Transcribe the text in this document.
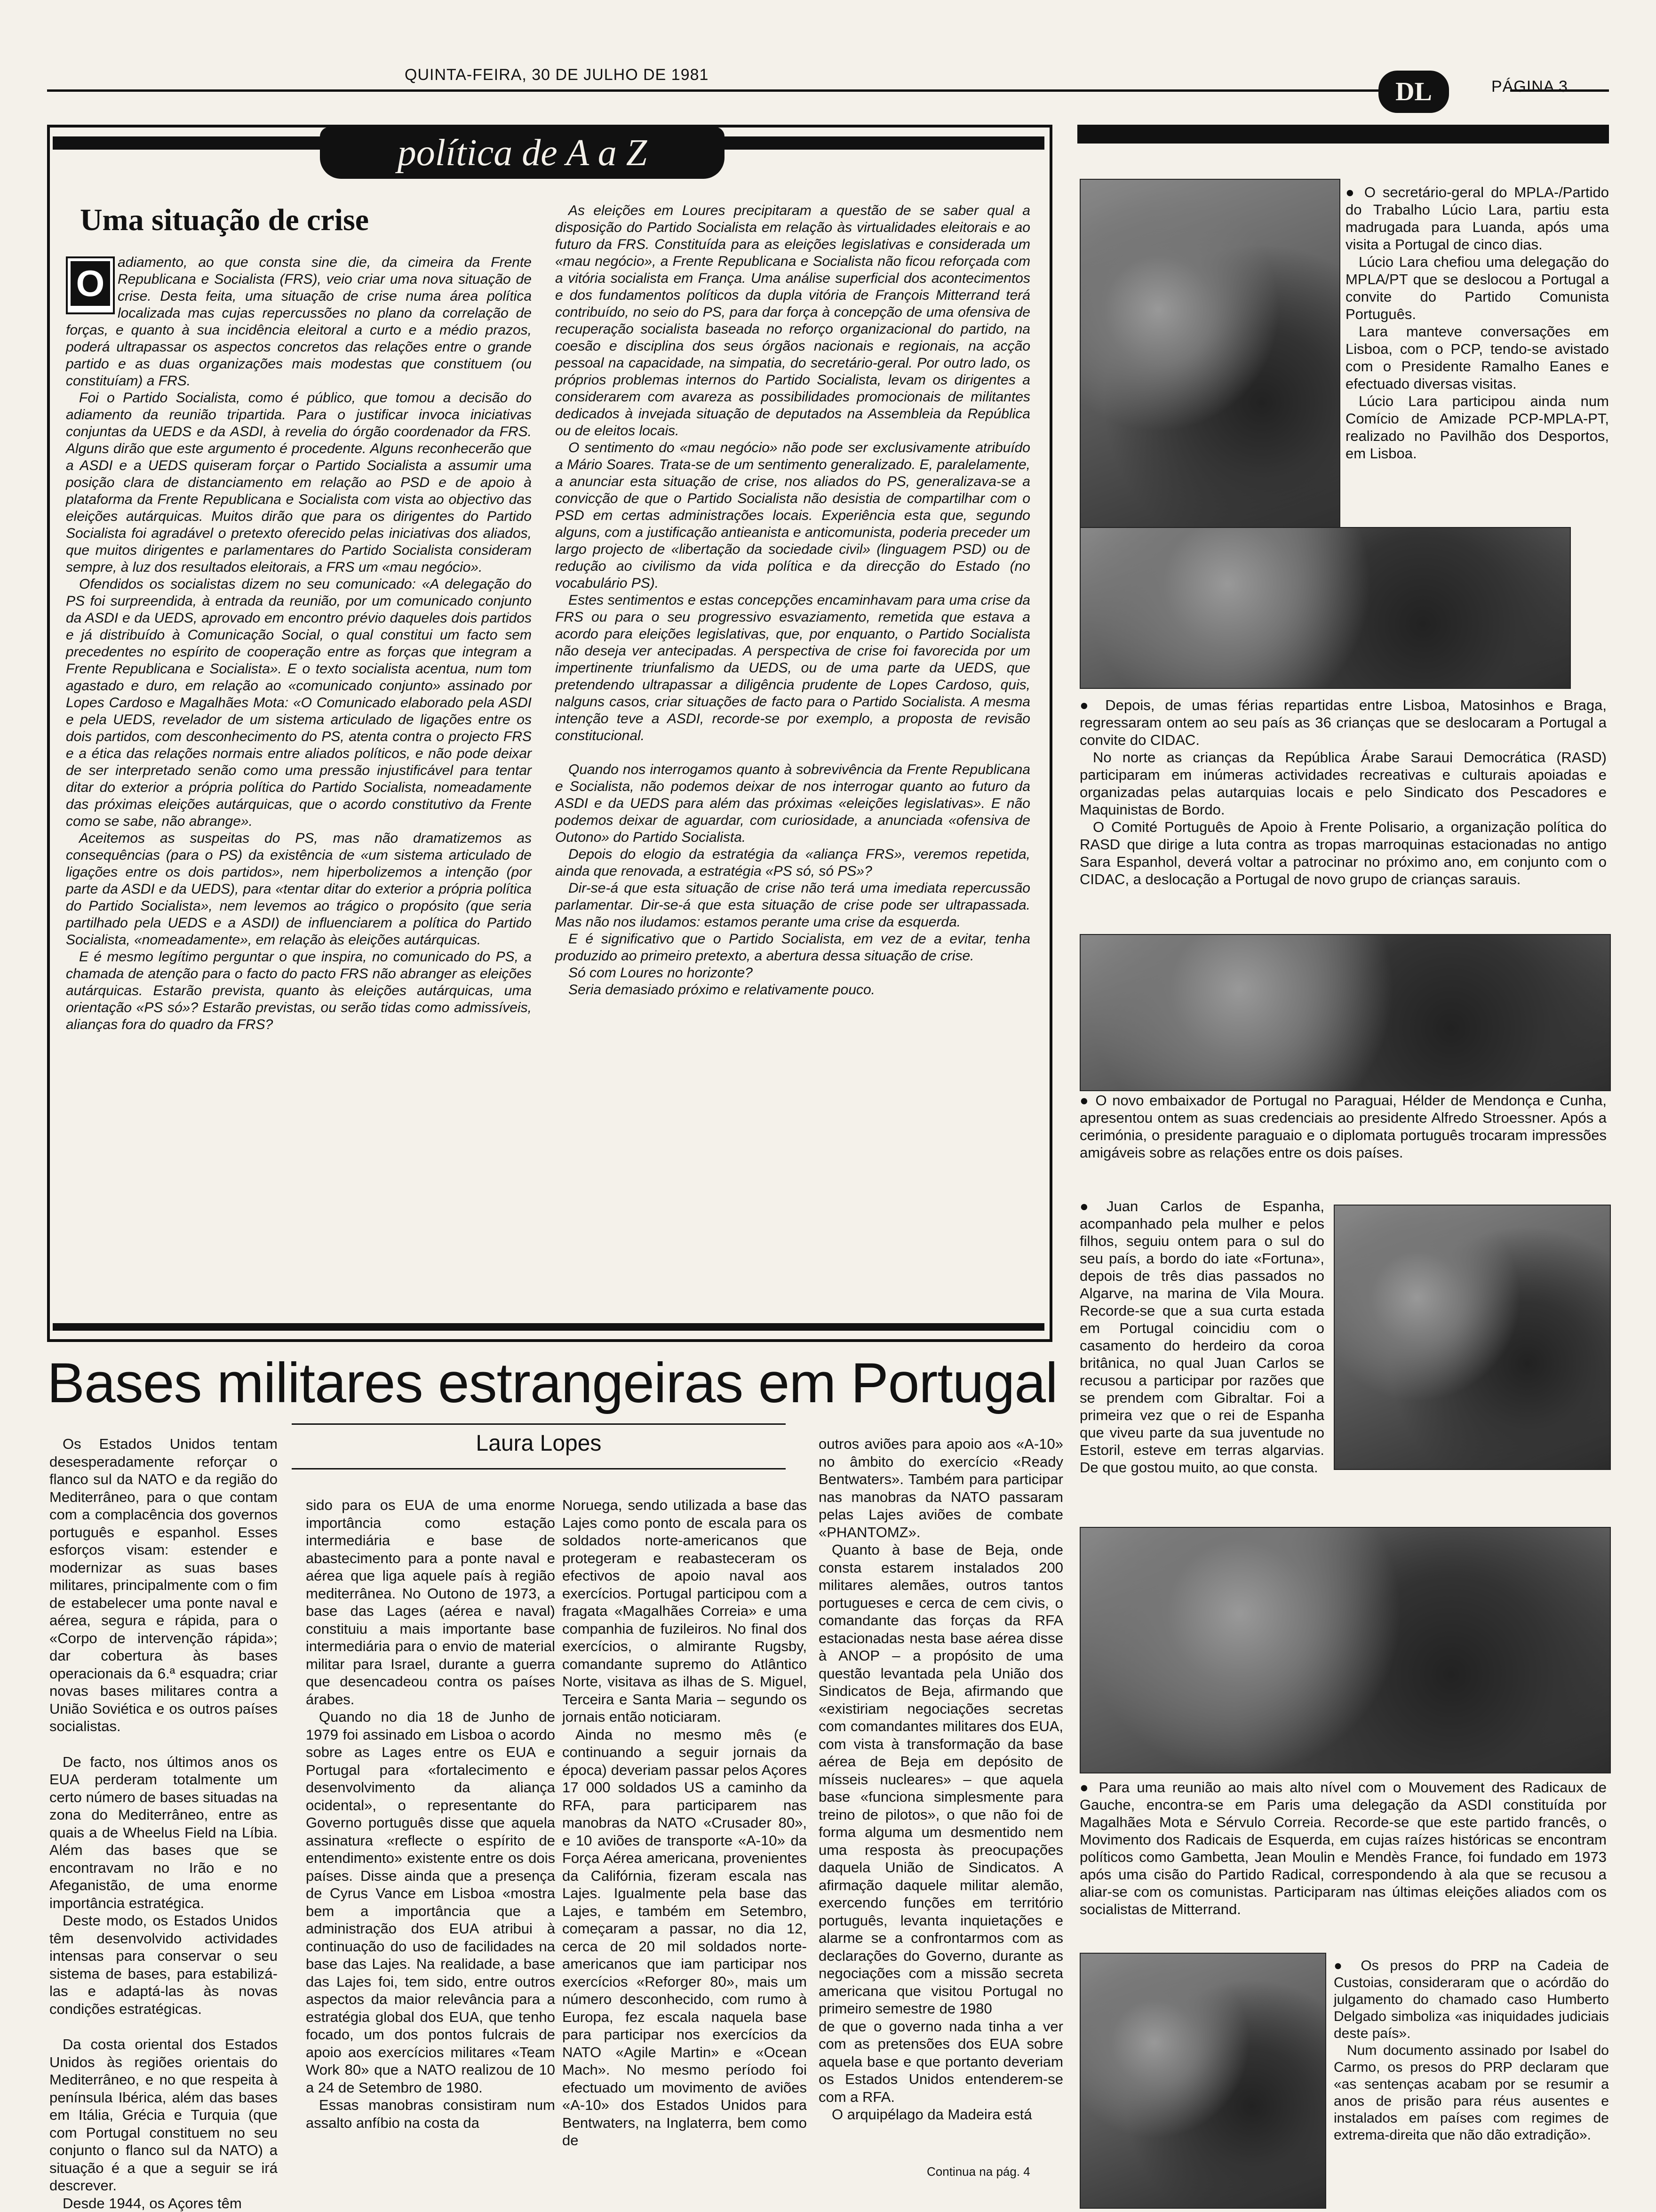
QUINTA-FEIRA, 30 DE JULHO DE 1981
DL	PÁGINA 3
política de A a Z
Uma situação de crise
O

adiamento, ao que consta sine die, da cimeira da Frente Republicana e Socialista (FRS), veio criar uma nova situação de crise. Desta feita, uma situação de crise numa área política localizada mas cujas repercussões no plano da correlação de forças, e quanto à sua incidência eleitoral a curto e a médio prazos, poderá ultrapassar os aspectos concretos das relações entre o grande partido e as duas organizações mais modestas que constituem (ou constituíam) a FRS.

Foi o Partido Socialista, como é público, que tomou a decisão do adiamento da reunião tripartida. Para o justificar invoca iniciativas conjuntas da UEDS e da ASDI, à revelia do órgão coordenador da FRS. Alguns dirão que este argumento é procedente. Alguns reconhecerão que a ASDI e a UEDS quiseram forçar o Partido Socialista a assumir uma posição clara de distanciamento em relação ao PSD e de apoio à plataforma da Frente Republicana e Socialista com vista ao objectivo das eleições autárquicas. Muitos dirão que para os dirigentes do Partido Socialista foi agradável o pretexto oferecido pelas iniciativas dos aliados, que muitos dirigentes e parlamentares do Partido Socialista consideram sempre, à luz dos resultados eleitorais, a FRS um «mau negócio».

Ofendidos os socialistas dizem no seu comunicado: «A delegação do PS foi surpreendida, à entrada da reunião, por um comunicado conjunto da ASDI e da UEDS, aprovado em encontro prévio daqueles dois partidos e já distribuído à Comunicação Social, o qual constitui um facto sem precedentes no espírito de cooperação entre as forças que integram a Frente Republicana e Socialista». E o texto socialista acentua, num tom agastado e duro, em relação ao «comunicado conjunto» assinado por Lopes Cardoso e Magalhães Mota: «O Comunicado elaborado pela ASDI e pela UEDS, revelador de um sistema articulado de ligações entre os dois partidos, com desconhecimento do PS, atenta contra o projecto FRS e a ética das relações normais entre aliados políticos, e não pode deixar de ser interpretado senão como uma pressão injustificável para tentar ditar do exterior a própria política do Partido Socialista, nomeadamente das próximas eleições autárquicas, que o acordo constitutivo da Frente como se sabe, não abrange».

Aceitemos as suspeitas do PS, mas não dramatizemos as consequências (para o PS) da existência de «um sistema articulado de ligações entre os dois partidos», nem hiperbolizemos a intenção (por parte da ASDI e da UEDS), para «tentar ditar do exterior a própria política do Partido Socialista», nem levemos ao trágico o propósito (que seria partilhado pela UEDS e a ASDI) de influenciarem a política do Partido Socialista, «nomeadamente», em relação às eleições autárquicas.

E é mesmo legítimo perguntar o que inspira, no comunicado do PS, a chamada de atenção para o facto do pacto FRS não abranger as eleições autárquicas. Estarão prevista, quanto às eleições autárquicas, uma orientação «PS só»? Estarão previstas, ou serão tidas como admissíveis, alianças fora do quadro da FRS?

As eleições em Loures precipitaram a questão de se saber qual a disposição do Partido Socialista em relação às virtualidades eleitorais e ao futuro da FRS. Constituída para as eleições legislativas e considerada um «mau negócio», a Frente Republicana e Socialista não ficou reforçada com a vitória socialista em França. Uma análise superficial dos acontecimentos e dos fundamentos políticos da dupla vitória de François Mitterrand terá contribuído, no seio do PS, para dar força à concepção de uma ofensiva de recuperação socialista baseada no reforço organizacional do partido, na coesão e disciplina dos seus órgãos nacionais e regionais, na acção pessoal na capacidade, na simpatia, do secretário-geral. Por outro lado, os próprios problemas internos do Partido Socialista, levam os dirigentes a considerarem com avareza as possibilidades promocionais de militantes dedicados à invejada situação de deputados na Assembleia da República ou de eleitos locais.

O sentimento do «mau negócio» não pode ser exclusivamente atribuído a Mário Soares. Trata-se de um sentimento generalizado. E, paralelamente, a anunciar esta situação de crise, nos aliados do PS, generalizava-se a convicção de que o Partido Socialista não desistia de compartilhar com o PSD em certas administrações locais. Experiência esta que, segundo alguns, com a justificação antieanista e anticomunista, poderia preceder um largo projecto de «libertação da sociedade civil» (linguagem PSD) ou de redução ao civilismo da vida política e da direcção do Estado (no vocabulário PS).

Estes sentimentos e estas concepções encaminhavam para uma crise da FRS ou para o seu progressivo esvaziamento, remetida que estava a acordo para eleições legislativas, que, por enquanto, o Partido Socialista não deseja ver antecipadas. A perspectiva de crise foi favorecida por um impertinente triunfalismo da UEDS, ou de uma parte da UEDS, que pretendendo ultrapassar a diligência prudente de Lopes Cardoso, quis, nalguns casos, criar situações de facto para o Partido Socialista. A mesma intenção teve a ASDI, recorde-se por exemplo, a proposta de revisão constitucional.

Quando nos interrogamos quanto à sobrevivência da Frente Republicana e Socialista, não podemos deixar de nos interrogar quanto ao futuro da ASDI e da UEDS para além das próximas «eleições legislativas». E não podemos deixar de aguardar, com curiosidade, a anunciada «ofensiva de Outono» do Partido Socialista.

Depois do elogio da estratégia da «aliança FRS», veremos repetida, ainda que renovada, a estratégia «PS só, só PS»?

Dir-se-á que esta situação de crise não terá uma imediata repercussão parlamentar. Dir-se-á que esta situação de crise pode ser ultrapassada. Mas não nos iludamos: estamos perante uma crise da esquerda.

E é significativo que o Partido Socialista, em vez de a evitar, tenha produzido ao primeiro pretexto, a abertura dessa situação de crise.

Só com Loures no horizonte?

Seria demasiado próximo e relativamente pouco.

Bases militares estrangeiras em Portugal
Laura Lopes

Os Estados Unidos tentam desesperadamente reforçar o flanco sul da NATO e da região do Mediterrâneo, para o que contam com a complacência dos governos português e espanhol. Esses esforços visam: estender e modernizar as suas bases militares, principalmente com o fim de estabelecer uma ponte naval e aérea, segura e rápida, para o «Corpo de intervenção rápida»; dar cobertura às bases operacionais da 6.ª esquadra; criar novas bases militares contra a União Soviética e os outros países socialistas.

De facto, nos últimos anos os EUA perderam totalmente um certo número de bases situadas na zona do Mediterrâneo, entre as quais a de Wheelus Field na Líbia. Além das bases que se encontravam no Irão e no Afeganistão, de uma enorme importância estratégica.

Deste modo, os Estados Unidos têm desenvolvido actividades intensas para conservar o seu sistema de bases, para estabilizá-las e adaptá-las às novas condições estratégicas.

Da costa oriental dos Estados Unidos às regiões orientais do Mediterrâneo, e no que respeita à península Ibérica, além das bases em Itália, Grécia e Turquia (que com Portugal constituem no seu conjunto o flanco sul da NATO) a situação é a que a seguir se irá descrever.

Desde 1944, os Açores têm

sido para os EUA de uma enorme importância como estação intermediária e base de abastecimento para a ponte naval e aérea que liga aquele país à região mediterrânea. No Outono de 1973, a base das Lages (aérea e naval) constituiu a mais importante base intermediária para o envio de material militar para Israel, durante a guerra que desencadeou contra os países árabes.

Quando no dia 18 de Junho de 1979 foi assinado em Lisboa o acordo sobre as Lages entre os EUA e Portugal para «fortalecimento e desenvolvimento da aliança ocidental», o representante do Governo português disse que aquela assinatura «reflecte o espírito de entendimento» existente entre os dois países. Disse ainda que a presença de Cyrus Vance em Lisboa «mostra bem a importância que a administração dos EUA atribui à continuação do uso de facilidades na base das Lajes. Na realidade, a base das Lajes foi, tem sido, entre outros aspectos da maior relevância para a estratégia global dos EUA, que tenho focado, um dos pontos fulcrais de apoio aos exercícios militares «Team Work 80» que a NATO realizou de 10 a 24 de Setembro de 1980.

Essas manobras consistiram num assalto anfíbio na costa da

Noruega, sendo utilizada a base das Lajes como ponto de escala para os soldados norte-americanos que protegeram e reabasteceram os efectivos de apoio naval aos exercícios. Portugal participou com a fragata «Magalhães Correia» e uma companhia de fuzileiros. No final dos exercícios, o almirante Rugsby, comandante supremo do Atlântico Norte, visitava as ilhas de S. Miguel, Terceira e Santa Maria – segundo os jornais então noticiaram.

Ainda no mesmo mês (e continuando a seguir jornais da época) deveriam passar pelos Açores 17 000 soldados US a caminho da RFA, para participarem nas manobras da NATO «Crusader 80», e 10 aviões de transporte «A-10» da Força Aérea americana, provenientes da Califórnia, fizeram escala nas Lajes. Igualmente pela base das Lajes, e também em Setembro, começaram a passar, no dia 12, cerca de 20 mil soldados norte-americanos que iam participar nos exercícios «Reforger 80», mais um número desconhecido, com rumo à Europa, fez escala naquela base para participar nos exercícios da NATO «Agile Martin» e «Ocean Mach». No mesmo período foi efectuado um movimento de aviões «A-10» dos Estados Unidos para Bentwaters, na Inglaterra, bem como de

outros aviões para apoio aos «A-10» no âmbito do exercício «Ready Bentwaters». Também para participar nas manobras da NATO passaram pelas Lajes aviões de combate «PHANTOMZ».

Quanto à base de Beja, onde consta estarem instalados 200 militares alemães, outros tantos portugueses e cerca de cem civis, o comandante das forças da RFA estacionadas nesta base aérea disse à ANOP – a propósito de uma questão levantada pela União dos Sindicatos de Beja, afirmando que «existiriam negociações secretas com comandantes militares dos EUA, com vista à transformação da base aérea de Beja em depósito de mísseis nucleares» – que aquela base «funciona simplesmente para treino de pilotos», o que não foi de forma alguma um desmentido nem uma resposta às preocupações daquela União de Sindicatos. A afirmação daquele militar alemão, exercendo funções em território português, levanta inquietações e alarme se a confrontarmos com as declarações do Governo, durante as negociações com a missão secreta americana que visitou Portugal no primeiro semestre de 1980

de que o governo nada tinha a ver com as pretensões dos EUA sobre aquela base e que portanto deveriam os Estados Unidos entenderem-se com a RFA.

O arquipélago da Madeira está

Continua na pág. 4

● O secretário-geral do MPLA-/Partido do Trabalho Lúcio Lara, partiu esta madrugada para Luanda, após uma visita a Portugal de cinco dias.

Lúcio Lara chefiou uma delegação do MPLA/PT que se deslocou a Portugal a convite do Partido Comunista Português.

Lara manteve conversações em Lisboa, com o PCP, tendo-se avistado com o Presidente Ramalho Eanes e efectuado diversas visitas.

Lúcio Lara participou ainda num Comício de Amizade PCP-MPLA-PT, realizado no Pavilhão dos Desportos, em Lisboa.

● Depois, de umas férias repartidas entre Lisboa, Matosinhos e Braga, regressaram ontem ao seu país as 36 crianças que se deslocaram a Portugal a convite do CIDAC.

No norte as crianças da República Árabe Saraui Democrática (RASD) participaram em inúmeras actividades recreativas e culturais apoiadas e organizadas pelas autarquias locais e pelo Sindicato dos Pescadores e Maquinistas de Bordo.

O Comité Português de Apoio à Frente Polisario, a organização política do RASD que dirige a luta contra as tropas marroquinas estacionadas no antigo Sara Espanhol, deverá voltar a patrocinar no próximo ano, em conjunto com o CIDAC, a deslocação a Portugal de novo grupo de crianças sarauis.

● O novo embaixador de Portugal no Paraguai, Hélder de Mendonça e Cunha, apresentou ontem as suas credenciais ao presidente Alfredo Stroessner. Após a cerimónia, o presidente paraguaio e o diplomata português trocaram impressões amigáveis sobre as relações entre os dois países.

●Juan Carlos de Espanha, acompanhado pela mulher e pelos filhos, seguiu ontem para o sul do seu país, a bordo do iate «Fortuna», depois de três dias passados no Algarve, na marina de Vila Moura. Recorde-se que a sua curta estada em Portugal coincidiu com o casamento do herdeiro da coroa britânica, no qual Juan Carlos se recusou a participar por razões que se prendem com Gibraltar. Foi a primeira vez que o rei de Espanha que viveu parte da sua juventude no Estoril, esteve em terras algarvias. De que gostou muito, ao que consta.

● Para uma reunião ao mais alto nível com o Mouvement des Radicaux de Gauche, encontra-se em Paris uma delegação da ASDI constituída por Magalhães Mota e Sérvulo Correia. Recorde-se que este partido francês, o Movimento dos Radicais de Esquerda, em cujas raízes históricas se encontram políticos como Gambetta, Jean Moulin e Mendès France, foi fundado em 1973 após uma cisão do Partido Radical, correspondendo à ala que se recusou a aliar-se com os comunistas. Participaram nas últimas eleições aliados com os socialistas de Mitterrand.

● Os presos do PRP na Cadeia de Custoias, consideraram que o acórdão do julgamento do chamado caso Humberto Delgado simboliza «as iniquidades judiciais deste país».

Num documento assinado por Isabel do Carmo, os presos do PRP declaram que «as sentenças acabam por se resumir a anos de prisão para réus ausentes e instalados em países com regimes de extrema-direita que não dão extradição».
